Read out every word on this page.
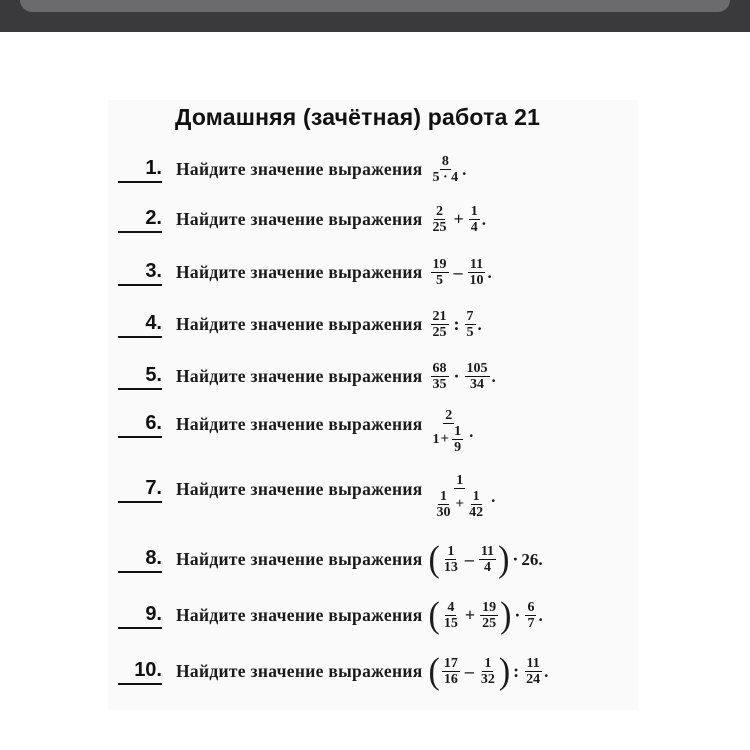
Домашняя (зачётная) работа 21
1. Найдите значение выражения $\frac{8}{5 \cdot 4}$ .
2. Найдите значение выражения $\frac{2}{25} + \frac{1}{4}$ .
3. Найдите значение выражения $\frac{19}{5} - \frac{11}{10}$ .
4. Найдите значение выражения $\frac{21}{25}$ : $\frac{7}{5}$ .
5. Найдите значение выражения $\frac{68}{35} \cdot \frac{105}{34}$ .
6. Найдите значение выражения $\frac{2}{1 + \frac{1}{9}}$ .
7. Найдите значение выражения $\frac{1}{\frac{1}{30} + \frac{1}{42}}$ .
8. Найдите значение выражения ( $\frac{1}{13} - \frac{11}{4}$ ) · 26 .
9. Найдите значение выражения ( $\frac{4}{15} + \frac{19}{25}$ ) · $\frac{6}{7}$ .
10. Найдите значение выражения ( $\frac{17}{16} - \frac{1}{32}$ ) : $\frac{11}{24}$ .
